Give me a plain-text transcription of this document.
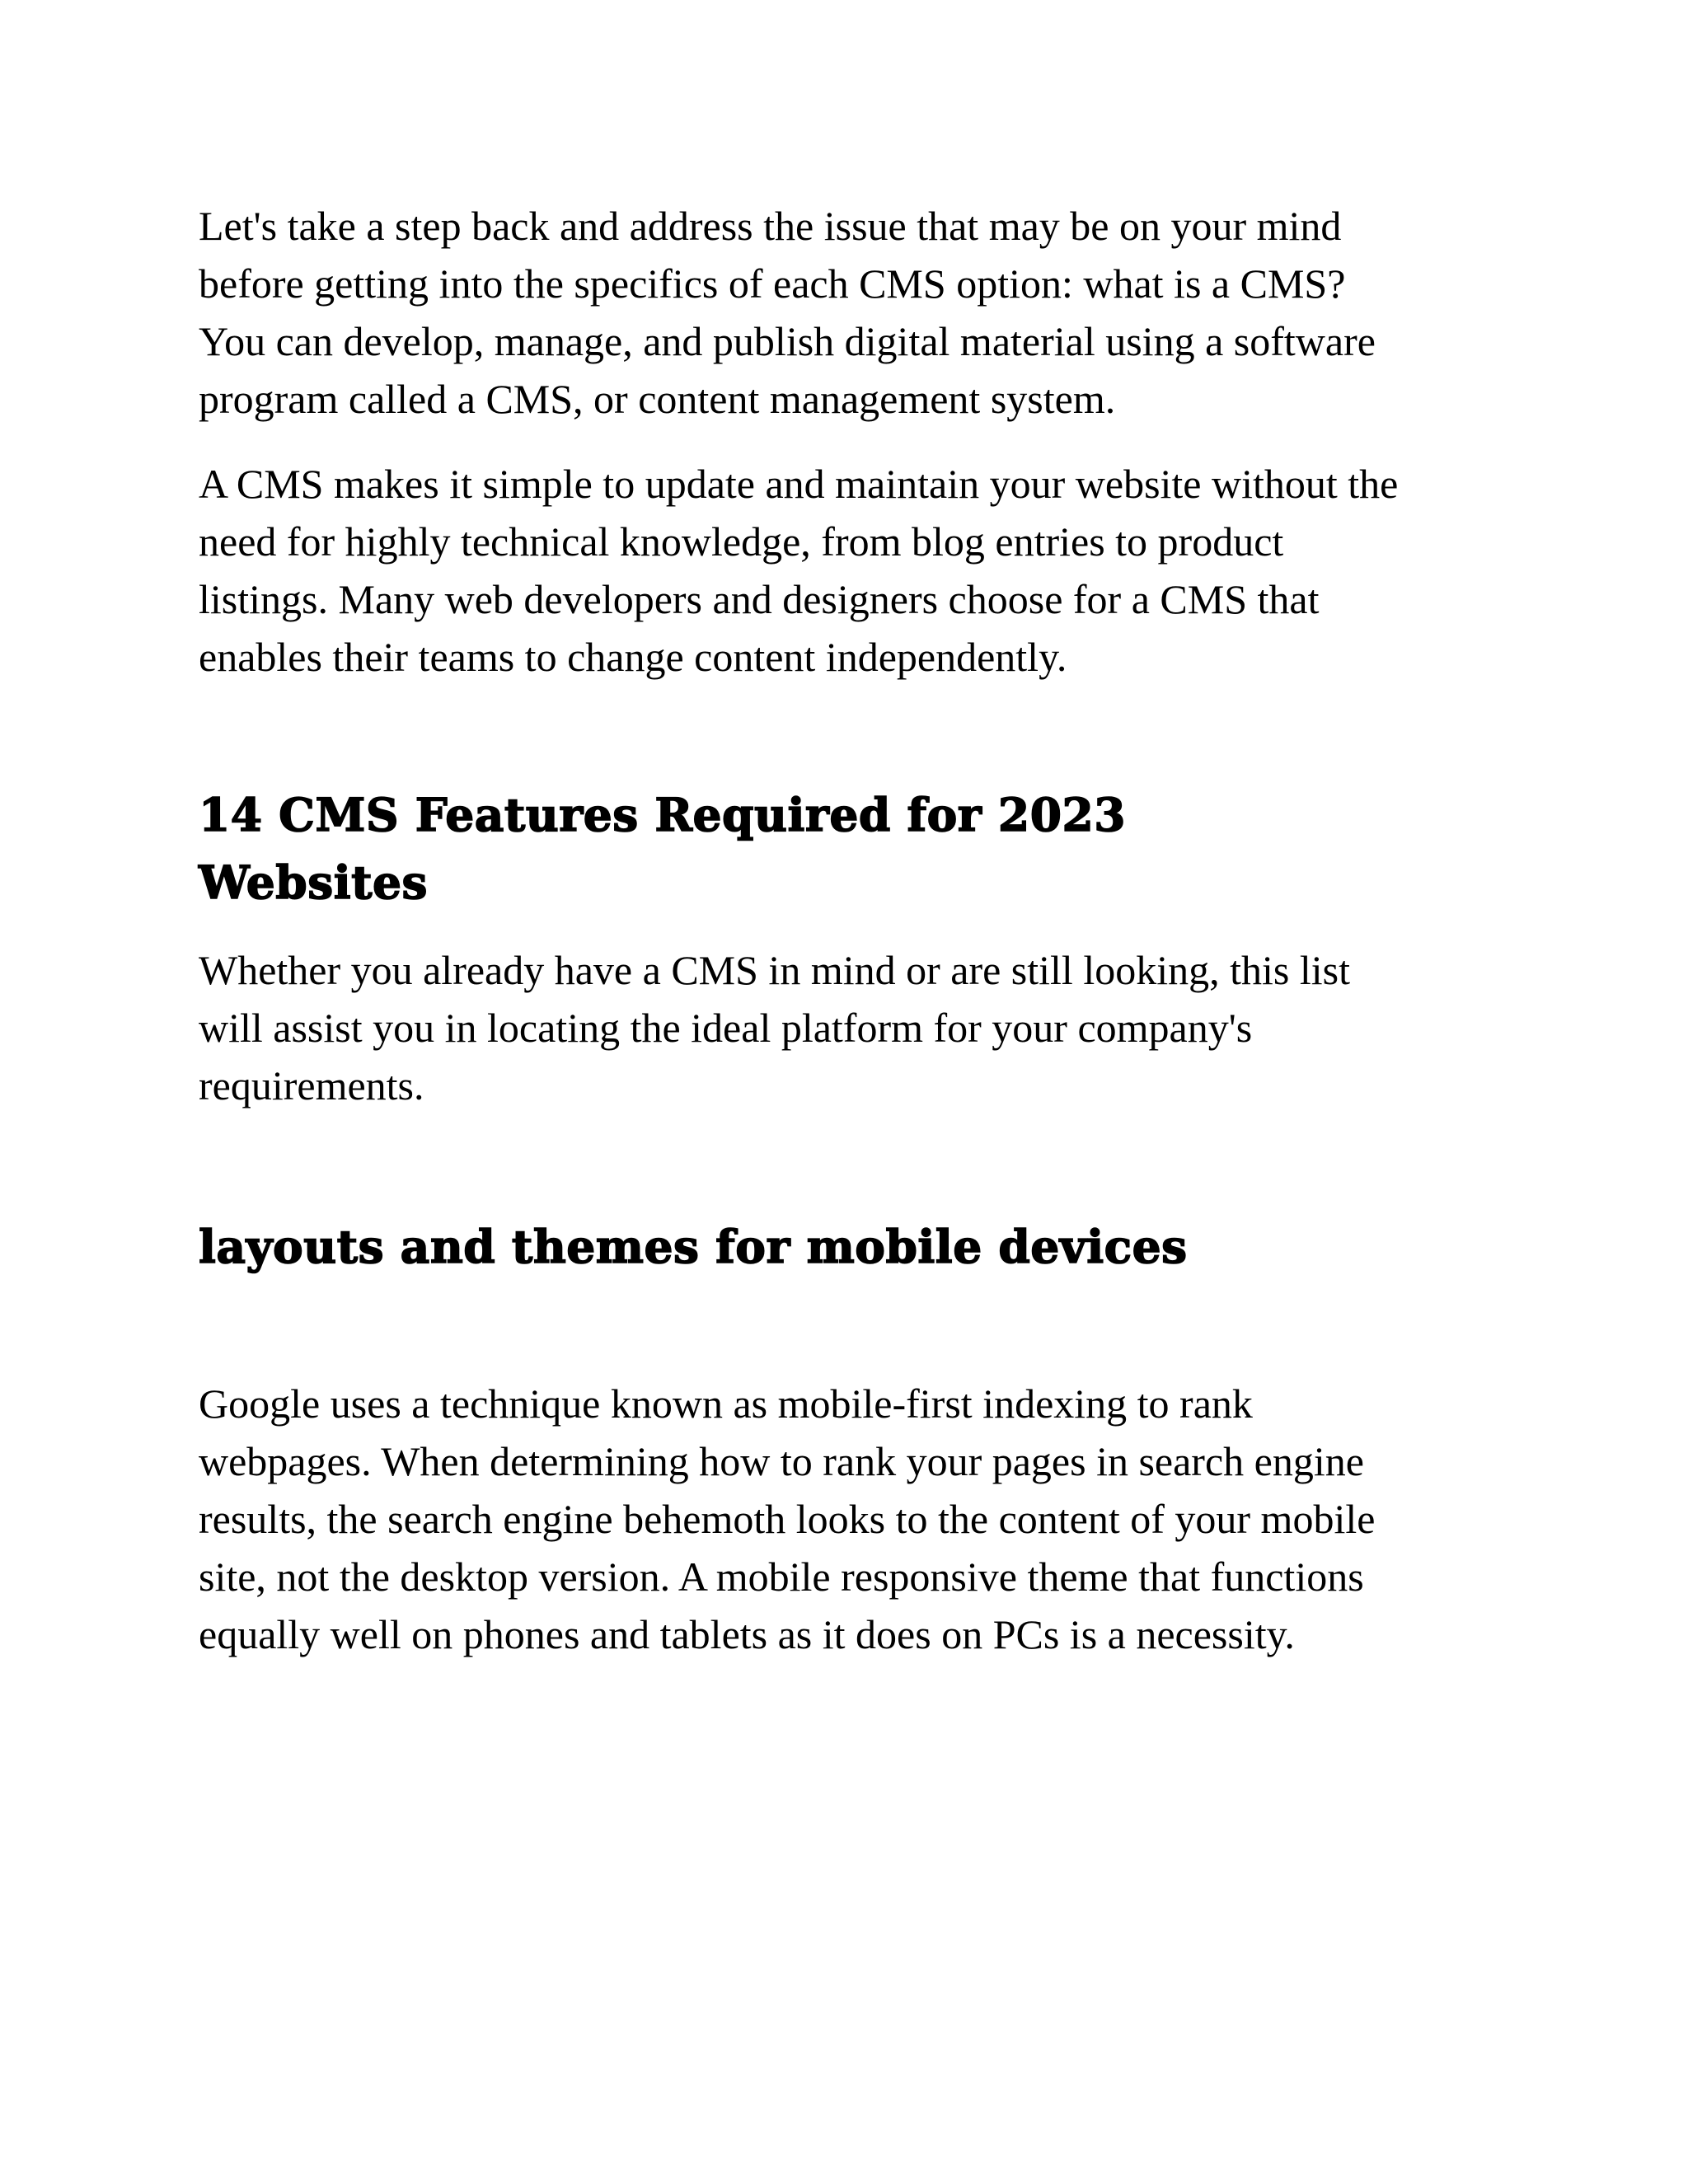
Let's take a step back and address the issue that may be on your mind
before getting into the specifics of each CMS option: what is a CMS?
You can develop, manage, and publish digital material using a software
program called a CMS, or content management system.

A CMS makes it simple to update and maintain your website without the
need for highly technical knowledge, from blog entries to product
listings. Many web developers and designers choose for a CMS that
enables their teams to change content independently.

14 CMS Features Required for 2023
Websites

Whether you already have a CMS in mind or are still looking, this list
will assist you in locating the ideal platform for your company's
requirements.

layouts and themes for mobile devices

Google uses a technique known as mobile-first indexing to rank
webpages. When determining how to rank your pages in search engine
results, the search engine behemoth looks to the content of your mobile
site, not the desktop version. A mobile responsive theme that functions
equally well on phones and tablets as it does on PCs is a necessity.
